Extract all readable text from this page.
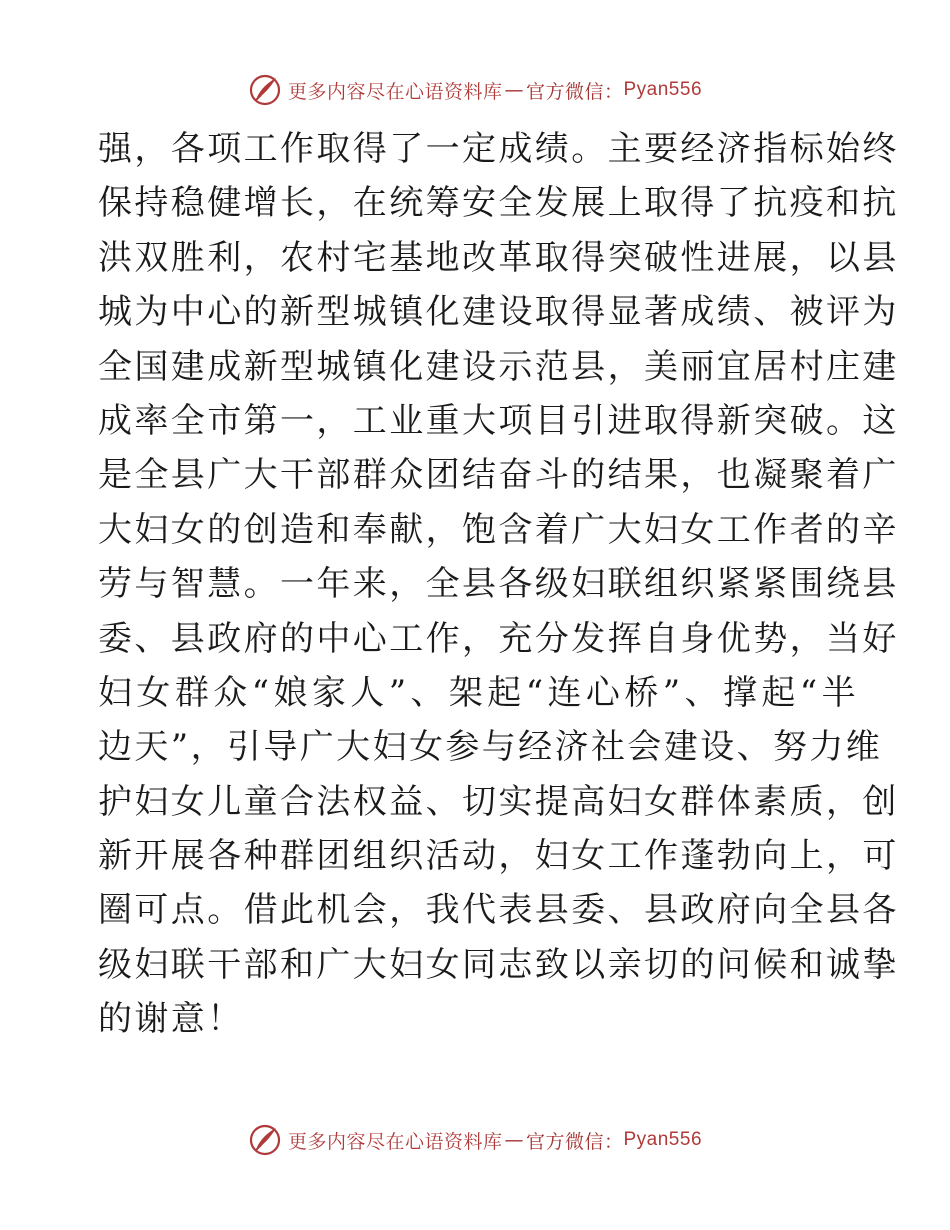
更多内容尽在心语资料库 — 官方微信： Pyan556

强，各项工作取得了一定成绩。主要经济指标始终
保持稳健增长，在统筹安全发展上取得了抗疫和抗
洪双胜利，农村宅基地改革取得突破性进展，以县
城为中心的新型城镇化建设取得显著成绩、被评为
全国建成新型城镇化建设示范县，美丽宜居村庄建
成率全市第一，工业重大项目引进取得新突破。这
是全县广大干部群众团结奋斗的结果，也凝聚着广
大妇女的创造和奉献，饱含着广大妇女工作者的辛
劳与智慧。一年来，全县各级妇联组织紧紧围绕县
委、县政府的中心工作，充分发挥自身优势，当好
妇女群众“娘家人”、架起“连心桥”、撑起“半
边天”，引导广大妇女参与经济社会建设、努力维
护妇女儿童合法权益、切实提高妇女群体素质，创
新开展各种群团组织活动，妇女工作蓬勃向上，可
圈可点。借此机会，我代表县委、县政府向全县各
级妇联干部和广大妇女同志致以亲切的问候和诚挚
的谢意！

更多内容尽在心语资料库 — 官方微信： Pyan556
